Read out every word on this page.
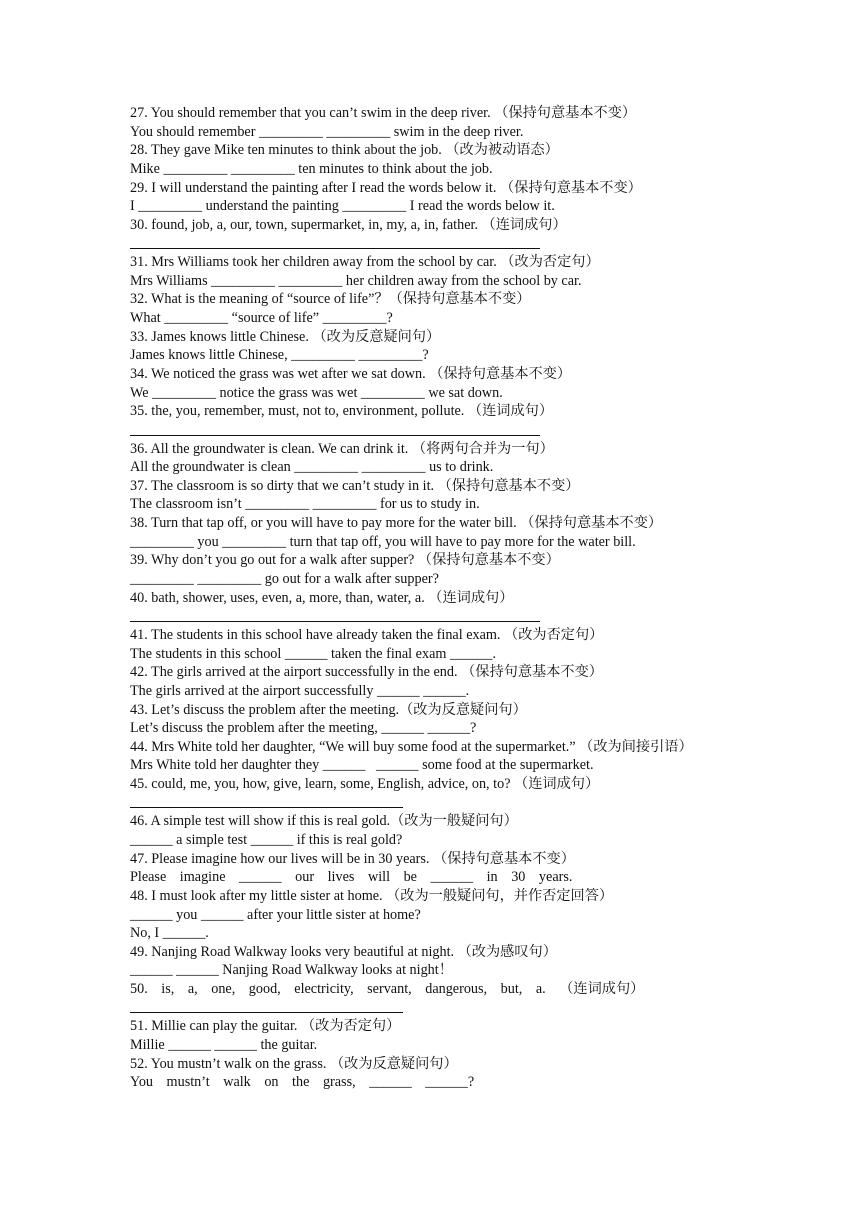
27. You should remember that you can’t swim in the deep river. （保持句意基本不变）
You should remember _________ _________ swim in the deep river.
28. They gave Mike ten minutes to think about the job. （改为被动语态）
Mike _________ _________ ten minutes to think about the job.
29. I will understand the painting after I read the words below it. （保持句意基本不变）
I _________ understand the painting _________ I read the words below it.
30. found, job, a, our, town, supermarket, in, my, a, in, father. （连词成句）
31. Mrs Williams took her children away from the school by car. （改为否定句）
Mrs Williams _________ _________ her children away from the school by car.
32. What is the meaning of “source of life”？（保持句意基本不变）
What _________ “source of life” _________?
33. James knows little Chinese. （改为反意疑问句）
James knows little Chinese, _________ _________?
34. We noticed the grass was wet after we sat down. （保持句意基本不变）
We _________ notice the grass was wet _________ we sat down.
35. the, you, remember, must, not to, environment, pollute. （连词成句）
36. All the groundwater is clean. We can drink it. （将两句合并为一句）
All the groundwater is clean _________ _________ us to drink.
37. The classroom is so dirty that we can’t study in it. （保持句意基本不变）
The classroom isn’t _________ _________ for us to study in.
38. Turn that tap off, or you will have to pay more for the water bill. （保持句意基本不变）
_________ you _________ turn that tap off, you will have to pay more for the water bill.
39. Why don’t you go out for a walk after supper? （保持句意基本不变）
_________ _________ go out for a walk after supper?
40. bath, shower, uses, even, a, more, than, water, a. （连词成句）
41. The students in this school have already taken the final exam. （改为否定句）
The students in this school ______ taken the final exam ______.
42. The girls arrived at the airport successfully in the end. （保持句意基本不变）
The girls arrived at the airport successfully ______ ______.
43. Let’s discuss the problem after the meeting.（改为反意疑问句）
Let’s discuss the problem after the meeting, ______ ______?
44. Mrs White told her daughter, “We will buy some food at the supermarket.” （改为间接引语）
Mrs White told her daughter they ______   ______ some food at the supermarket.
45. could, me, you, how, give, learn, some, English, advice, on, to? （连词成句）
46. A simple test will show if this is real gold.（改为一般疑问句）
______ a simple test ______ if this is real gold?
47. Please imagine how our lives will be in 30 years. （保持句意基本不变）
Please imagine ______ our lives will be ______ in 30 years.
48. I must look after my little sister at home. （改为一般疑问句，并作否定回答）
______ you ______ after your little sister at home?
No, I ______.
49. Nanjing Road Walkway looks very beautiful at night. （改为感叹句）
______ ______ Nanjing Road Walkway looks at night！
50. is, a, one, good, electricity, servant, dangerous, but, a. （连词成句）
51. Millie can play the guitar. （改为否定句）
Millie ______ ______ the guitar.
52. You mustn’t walk on the grass. （改为反意疑问句）
You mustn’t walk on the grass, ______ ______?
